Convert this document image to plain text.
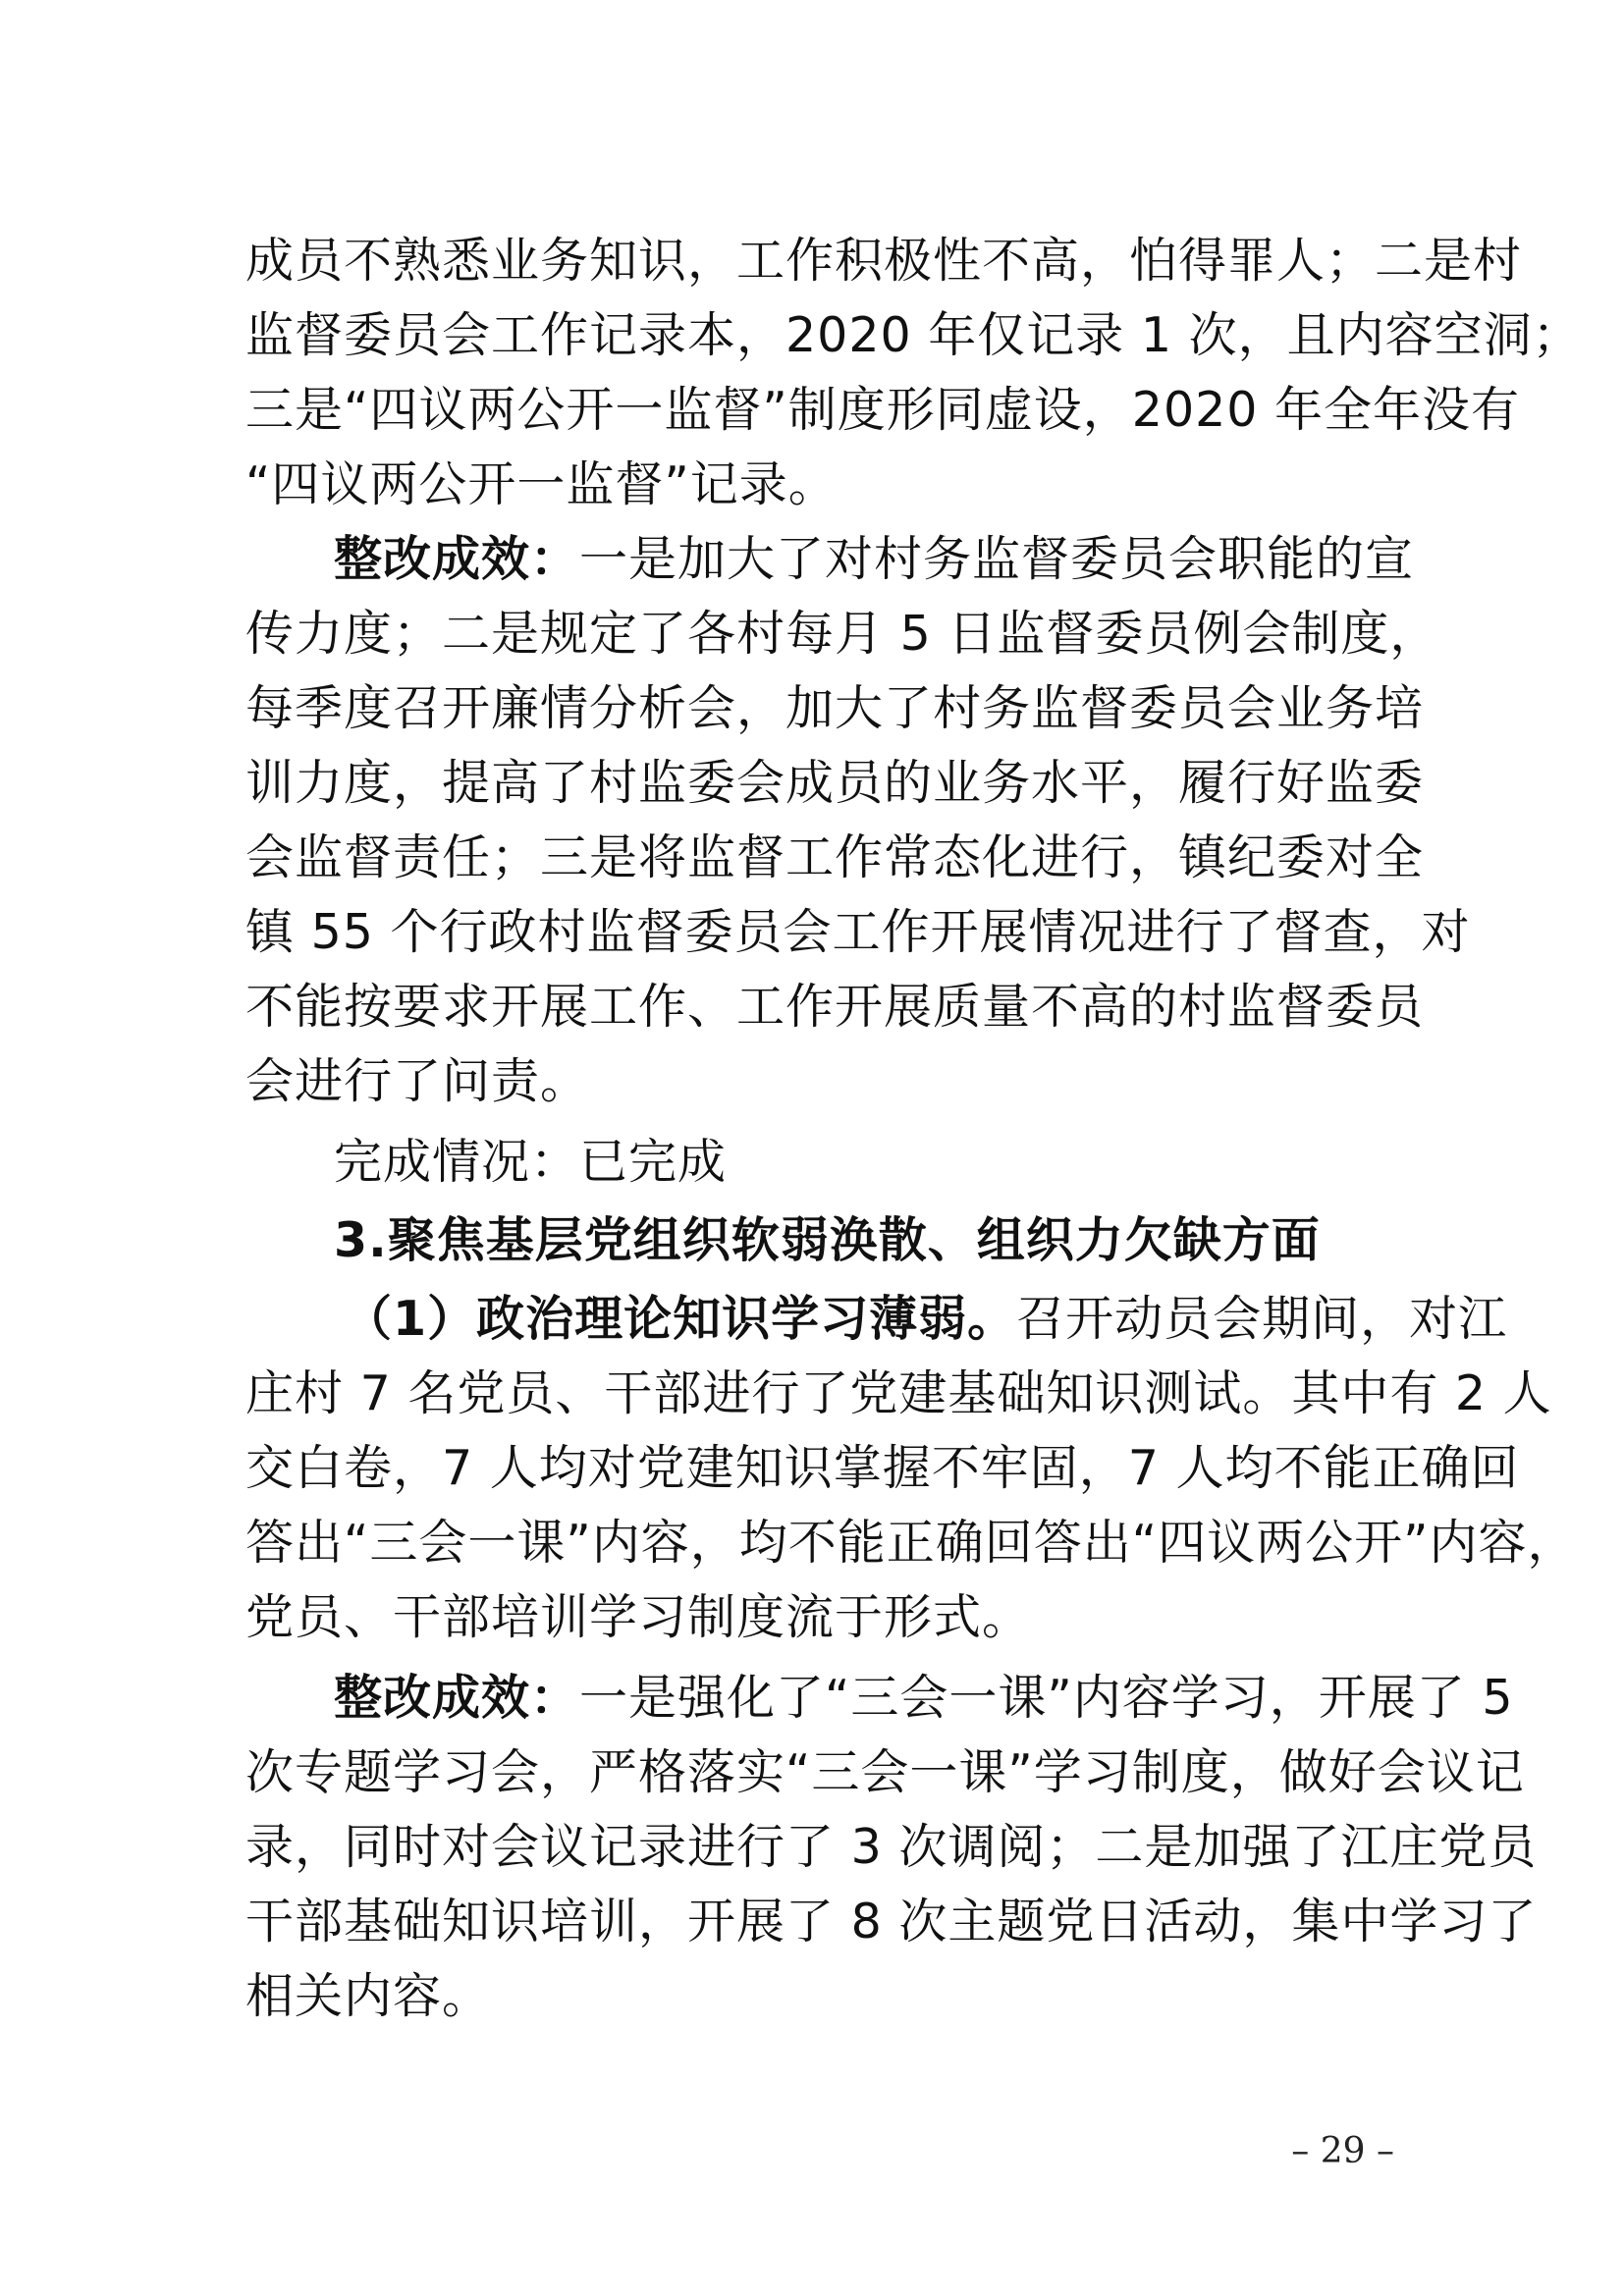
成员不熟悉业务知识，工作积极性不高，怕得罪人；二是村
监督委员会工作记录本，2020 年仅记录 1 次，且内容空洞；
三是“四议两公开一监督”制度形同虚设，2020 年全年没有
“四议两公开一监督”记录。
整改成效：一是加大了对村务监督委员会职能的宣
传力度；二是规定了各村每月 5 日监督委员例会制度，
每季度召开廉情分析会，加大了村务监督委员会业务培
训力度，提高了村监委会成员的业务水平，履行好监委
会监督责任；三是将监督工作常态化进行，镇纪委对全
镇 55 个行政村监督委员会工作开展情况进行了督查，对
不能按要求开展工作、工作开展质量不高的村监督委员
会进行了问责。
完成情况：已完成
3.聚焦基层党组织软弱涣散、组织力欠缺方面
（1）政治理论知识学习薄弱。召开动员会期间，对江
庄村 7 名党员、干部进行了党建基础知识测试。其中有 2 人
交白卷，7 人均对党建知识掌握不牢固，7 人均不能正确回
答出“三会一课”内容，均不能正确回答出“四议两公开”内容，
党员、干部培训学习制度流于形式。
整改成效：一是强化了“三会一课”内容学习，开展了 5
次专题学习会，严格落实“三会一课”学习制度，做好会议记
录，同时对会议记录进行了 3 次调阅；二是加强了江庄党员
干部基础知识培训，开展了 8 次主题党日活动，集中学习了
相关内容。
– 29 –
